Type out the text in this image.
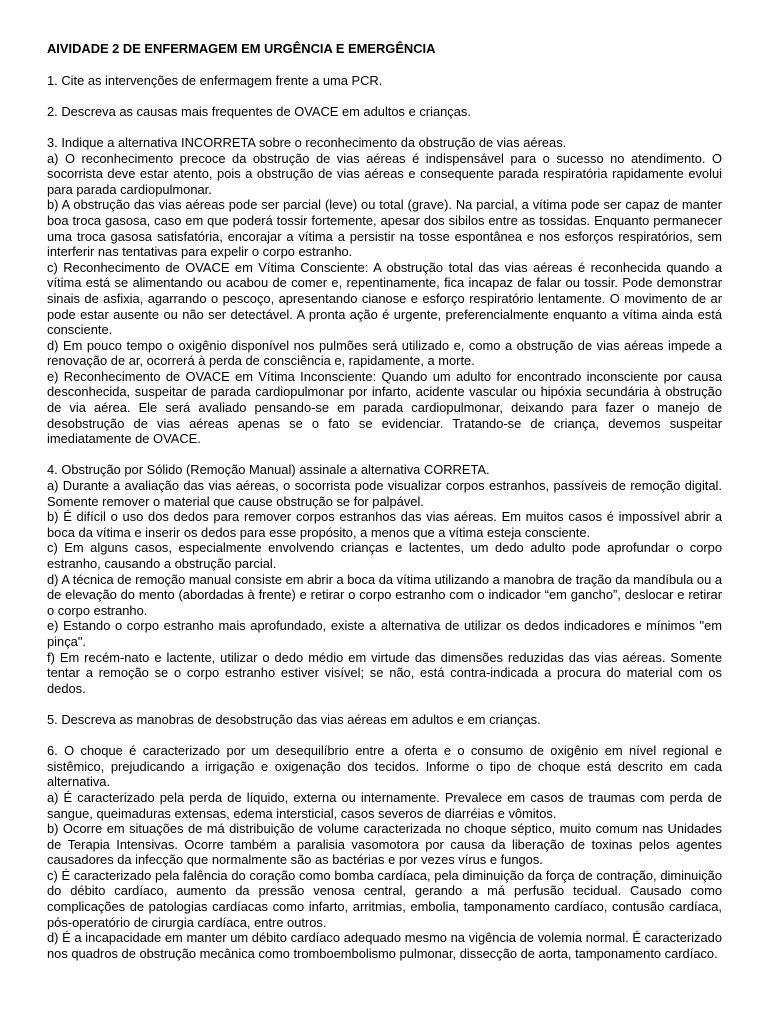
AIVIDADE 2 DE ENFERMAGEM EM URGÊNCIA E EMERGÊNCIA

1. Cite as intervenções de enfermagem frente a uma PCR.

2. Descreva as causas mais frequentes de OVACE em adultos e crianças.

3. Indique a alternativa INCORRETA sobre o reconhecimento da obstrução de vias aéreas.

a) O reconhecimento precoce da obstrução de vias aéreas é indispensável para o sucesso no atendimento. O socorrista deve estar atento, pois a obstrução de vias aéreas e consequente parada respiratória rapidamente evolui para parada cardiopulmonar.

b) A obstrução das vias aéreas pode ser parcial (leve) ou total (grave). Na parcial, a vítima pode ser capaz de manter boa troca gasosa, caso em que poderá tossir fortemente, apesar dos sibilos entre as tossidas. Enquanto permanecer uma troca gasosa satisfatória, encorajar a vítima a persistir na tosse espontânea e nos esforços respiratórios, sem interferir nas tentativas para expelir o corpo estranho.

c) Reconhecimento de OVACE em Vítima Consciente: A obstrução total das vias aéreas é reconhecida quando a vítima está se alimentando ou acabou de comer e, repentinamente, fica incapaz de falar ou tossir. Pode demonstrar sinais de asfixia, agarrando o pescoço, apresentando cianose e esforço respiratório lentamente. O movimento de ar pode estar ausente ou não ser detectável. A pronta ação é urgente, preferencialmente enquanto a vítima ainda está consciente.

d) Em pouco tempo o oxigênio disponível nos pulmões será utilizado e, como a obstrução de vias aéreas impede a renovação de ar, ocorrerá à perda de consciência e, rapidamente, a morte.

e) Reconhecimento de OVACE em Vítima Inconsciente: Quando um adulto for encontrado inconsciente por causa desconhecida, suspeitar de parada cardiopulmonar por infarto, acidente vascular ou hipóxia secundária à obstrução de via aérea. Ele será avaliado pensando-se em parada cardiopulmonar, deixando para fazer o manejo de desobstrução de vias aéreas apenas se o fato se evidenciar. Tratando-se de criança, devemos suspeitar imediatamente de OVACE.

4. Obstrução por Sólido (Remoção Manual) assinale a alternativa CORRETA.

a) Durante a avaliação das vias aéreas, o socorrista pode visualizar corpos estranhos, passíveis de remoção digital. Somente remover o material que cause obstrução se for palpável.

b) É difícil o uso dos dedos para remover corpos estranhos das vias aéreas. Em muitos casos é impossível abrir a boca da vítima e inserir os dedos para esse propósito, a menos que a vítima esteja consciente.

c) Em alguns casos, especialmente envolvendo crianças e lactentes, um dedo adulto pode aprofundar o corpo estranho, causando a obstrução parcial.

d) A técnica de remoção manual consiste em abrir a boca da vítima utilizando a manobra de tração da mandíbula ou a de elevação do mento (abordadas à frente) e retirar o corpo estranho com o indicador “em gancho”, deslocar e retirar o corpo estranho.

e) Estando o corpo estranho mais aprofundado, existe a alternativa de utilizar os dedos indicadores e mínimos "em pinça".

f) Em recém-nato e lactente, utilizar o dedo médio em virtude das dimensões reduzidas das vias aéreas. Somente tentar a remoção se o corpo estranho estiver visível; se não, está contra-indicada a procura do material com os dedos.

5. Descreva as manobras de desobstrução das vias aéreas em adultos e em crianças.

6. O choque é caracterizado por um desequilíbrio entre a oferta e o consumo de oxigênio em nível regional e sistêmico, prejudicando a irrigação e oxigenação dos tecidos. Informe o tipo de choque está descrito em cada alternativa.

a) É caracterizado pela perda de líquido, externa ou internamente. Prevalece em casos de traumas com perda de sangue, queimaduras extensas, edema intersticial, casos severos de diarréias e vômitos.

b) Ocorre em situações de má distribuição de volume caracterizada no choque séptico, muito comum nas Unidades de Terapia Intensivas. Ocorre também a paralisia vasomotora por causa da liberação de toxinas pelos agentes causadores da infecção que normalmente são as bactérias e por vezes vírus e fungos.

c) É caracterizado pela falência do coração como bomba cardíaca, pela diminuição da força de contração, diminuição do débito cardíaco, aumento da pressão venosa central, gerando a má perfusão tecidual. Causado como complicações de patologias cardíacas como infarto, arritmias, embolia, tamponamento cardíaco, contusão cardíaca, pós-operatório de cirurgia cardíaca, entre outros.

d) É a incapacidade em manter um débito cardíaco adequado mesmo na vigência de volemia normal. É caracterizado nos quadros de obstrução mecânica como tromboembolismo pulmonar, dissecção de aorta, tamponamento cardíaco.
